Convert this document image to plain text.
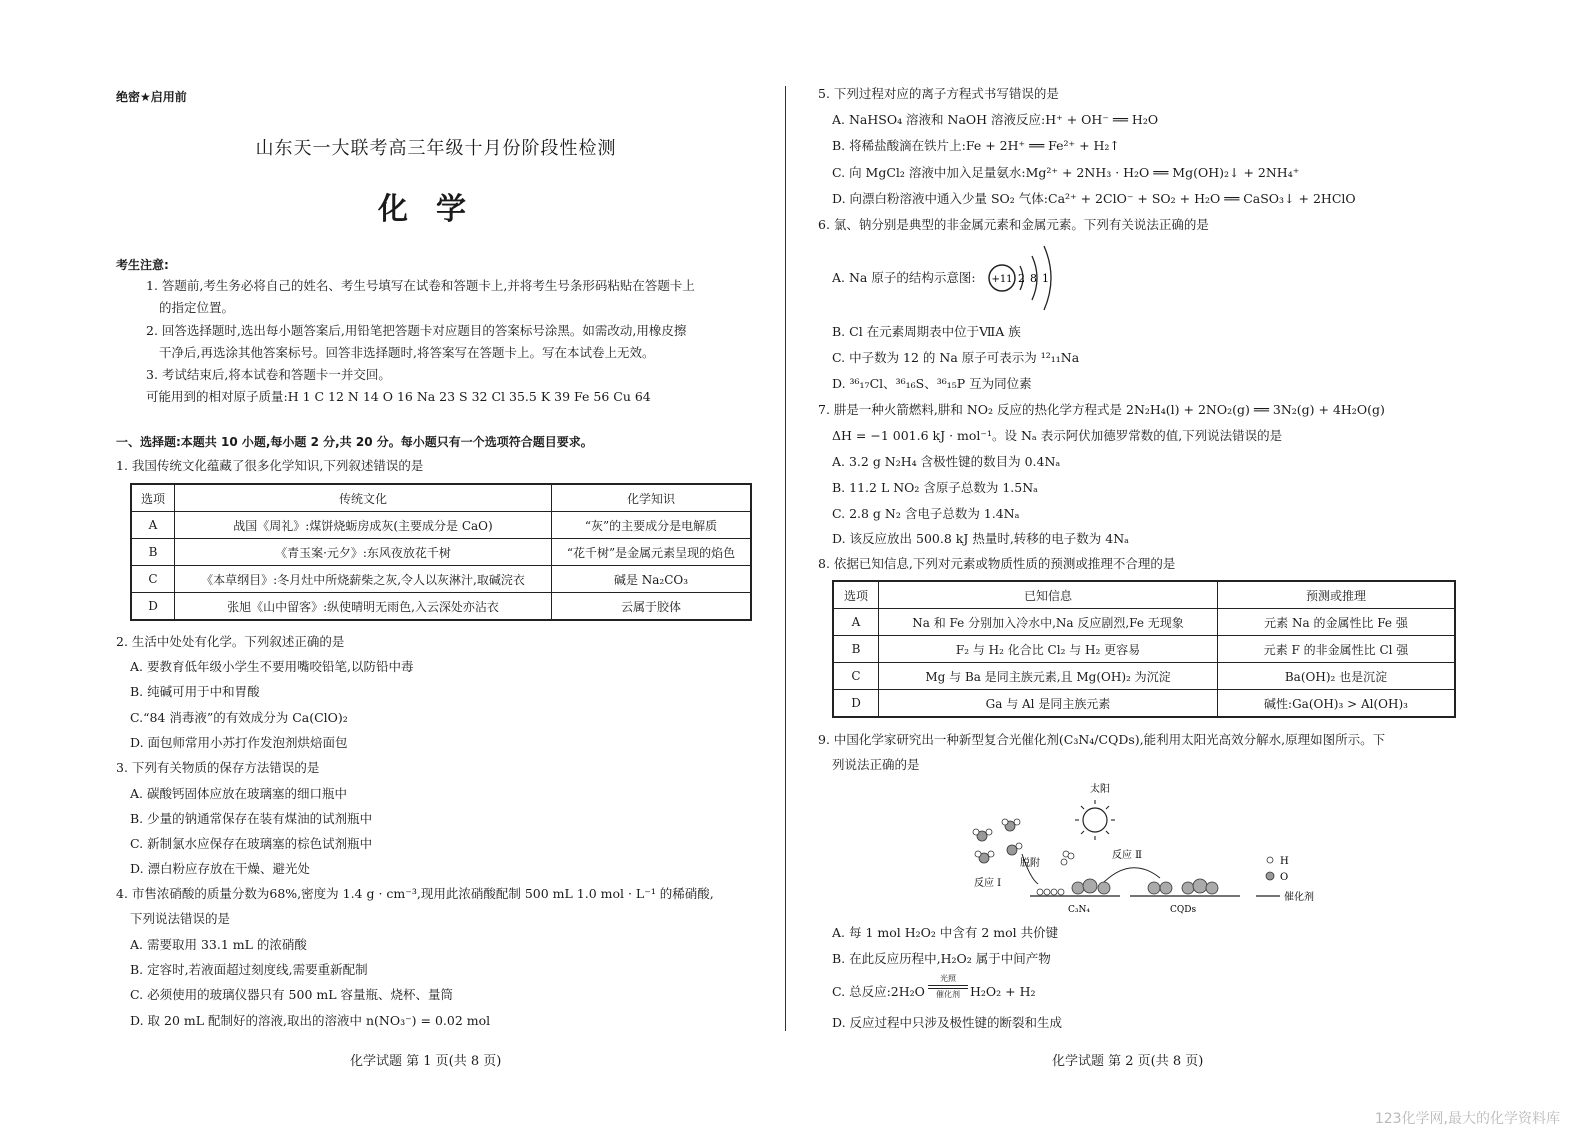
绝密★启用前
山东天一大联考高三年级十月份阶段性检测
化学
考生注意:
1. 答题前,考生务必将自己的姓名、考生号填写在试卷和答题卡上,并将考生号条形码粘贴在答题卡上
的指定位置。
2. 回答选择题时,选出每小题答案后,用铅笔把答题卡对应题目的答案标号涂黑。如需改动,用橡皮擦
干净后,再选涂其他答案标号。回答非选择题时,将答案写在答题卡上。写在本试卷上无效。
3. 考试结束后,将本试卷和答题卡一并交回。
可能用到的相对原子质量:H 1 C 12 N 14 O 16 Na 23 S 32 Cl 35.5 K 39 Fe 56 Cu 64
一、选择题:本题共 10 小题,每小题 2 分,共 20 分。每小题只有一个选项符合题目要求。
1. 我国传统文化蕴藏了很多化学知识,下列叙述错误的是
选项	传统文化	化学知识
A	战国《周礼》:煤饼烧蛎房成灰(主要成分是 CaO)	“灰”的主要成分是电解质
B	《青玉案·元夕》:东风夜放花千树	“花千树”是金属元素呈现的焰色
C	《本草纲目》:冬月灶中所烧薪柴之灰,令人以灰淋汁,取碱浣衣	碱是 Na₂CO₃
D	张旭《山中留客》:纵使晴明无雨色,入云深处亦沾衣	云属于胶体
2. 生活中处处有化学。下列叙述正确的是
A. 要教育低年级小学生不要用嘴咬铅笔,以防铅中毒
B. 纯碱可用于中和胃酸
C.“84 消毒液”的有效成分为 Ca(ClO)₂
D. 面包师常用小苏打作发泡剂烘焙面包
3. 下列有关物质的保存方法错误的是
A. 碳酸钙固体应放在玻璃塞的细口瓶中
B. 少量的钠通常保存在装有煤油的试剂瓶中
C. 新制氯水应保存在玻璃塞的棕色试剂瓶中
D. 漂白粉应存放在干燥、避光处
4. 市售浓硝酸的质量分数为68%,密度为 1.4 g · cm⁻³,现用此浓硝酸配制 500 mL 1.0 mol · L⁻¹ 的稀硝酸,
下列说法错误的是
A. 需要取用 33.1 mL 的浓硝酸
B. 定容时,若液面超过刻度线,需要重新配制
C. 必须使用的玻璃仪器只有 500 mL 容量瓶、烧杯、量筒
D. 取 20 mL 配制好的溶液,取出的溶液中 n(NO₃⁻) = 0.02 mol
化学试题 第 1 页(共 8 页)
5. 下列过程对应的离子方程式书写错误的是
A. NaHSO₄ 溶液和 NaOH 溶液反应:H⁺ + OH⁻ ══ H₂O
B. 将稀盐酸滴在铁片上:Fe + 2H⁺ ══ Fe²⁺ + H₂↑
C. 向 MgCl₂ 溶液中加入足量氨水:Mg²⁺ + 2NH₃ · H₂O ══ Mg(OH)₂↓ + 2NH₄⁺
D. 向漂白粉溶液中通入少量 SO₂ 气体:Ca²⁺ + 2ClO⁻ + SO₂ + H₂O ══ CaSO₃↓ + 2HClO
6. 氯、钠分别是典型的非金属元素和金属元素。下列有关说法正确的是
A. Na 原子的结构示意图: +11 2 8 1
B. Cl 在元素周期表中位于ⅦA 族
C. 中子数为 12 的 Na 原子可表示为 ¹²₁₁Na
D. ³⁶₁₇Cl、³⁶₁₆S、³⁶₁₅P 互为同位素
7. 肼是一种火箭燃料,肼和 NO₂ 反应的热化学方程式是 2N₂H₄(l) + 2NO₂(g) ══ 3N₂(g) + 4H₂O(g)
ΔH = −1 001.6 kJ · mol⁻¹。设 Nₐ 表示阿伏加德罗常数的值,下列说法错误的是
A. 3.2 g N₂H₄ 含极性键的数目为 0.4Nₐ
B. 11.2 L NO₂ 含原子总数为 1.5Nₐ
C. 2.8 g N₂ 含电子总数为 1.4Nₐ
D. 该反应放出 500.8 kJ 热量时,转移的电子数为 4Nₐ
8. 依据已知信息,下列对元素或物质性质的预测或推理不合理的是
选项	已知信息	预测或推理
A	Na 和 Fe 分别加入冷水中,Na 反应剧烈,Fe 无现象	元素 Na 的金属性比 Fe 强
B	F₂ 与 H₂ 化合比 Cl₂ 与 H₂ 更容易	元素 F 的非金属性比 Cl 强
C	Mg 与 Ba 是同主族元素,且 Mg(OH)₂ 为沉淀	Ba(OH)₂ 也是沉淀
D	Ga 与 Al 是同主族元素	碱性:Ga(OH)₃ > Al(OH)₃
9. 中国化学家研究出一种新型复合光催化剂(C₃N₄/CQDs),能利用太阳光高效分解水,原理如图所示。下
列说法正确的是
太阳
脱附
反应 Ⅰ
反应 Ⅱ
C₃N₄	CQDs
H
O
催化剂
A. 每 1 mol H₂O₂ 中含有 2 mol 共价键
B. 在此反应历程中,H₂O₂ 属于中间产物
C. 总反应:2H₂O
光照
催化剂 H₂O₂ + H₂
D. 反应过程中只涉及极性键的断裂和生成
化学试题 第 2 页(共 8 页)
123化学网,最大的化学资料库
